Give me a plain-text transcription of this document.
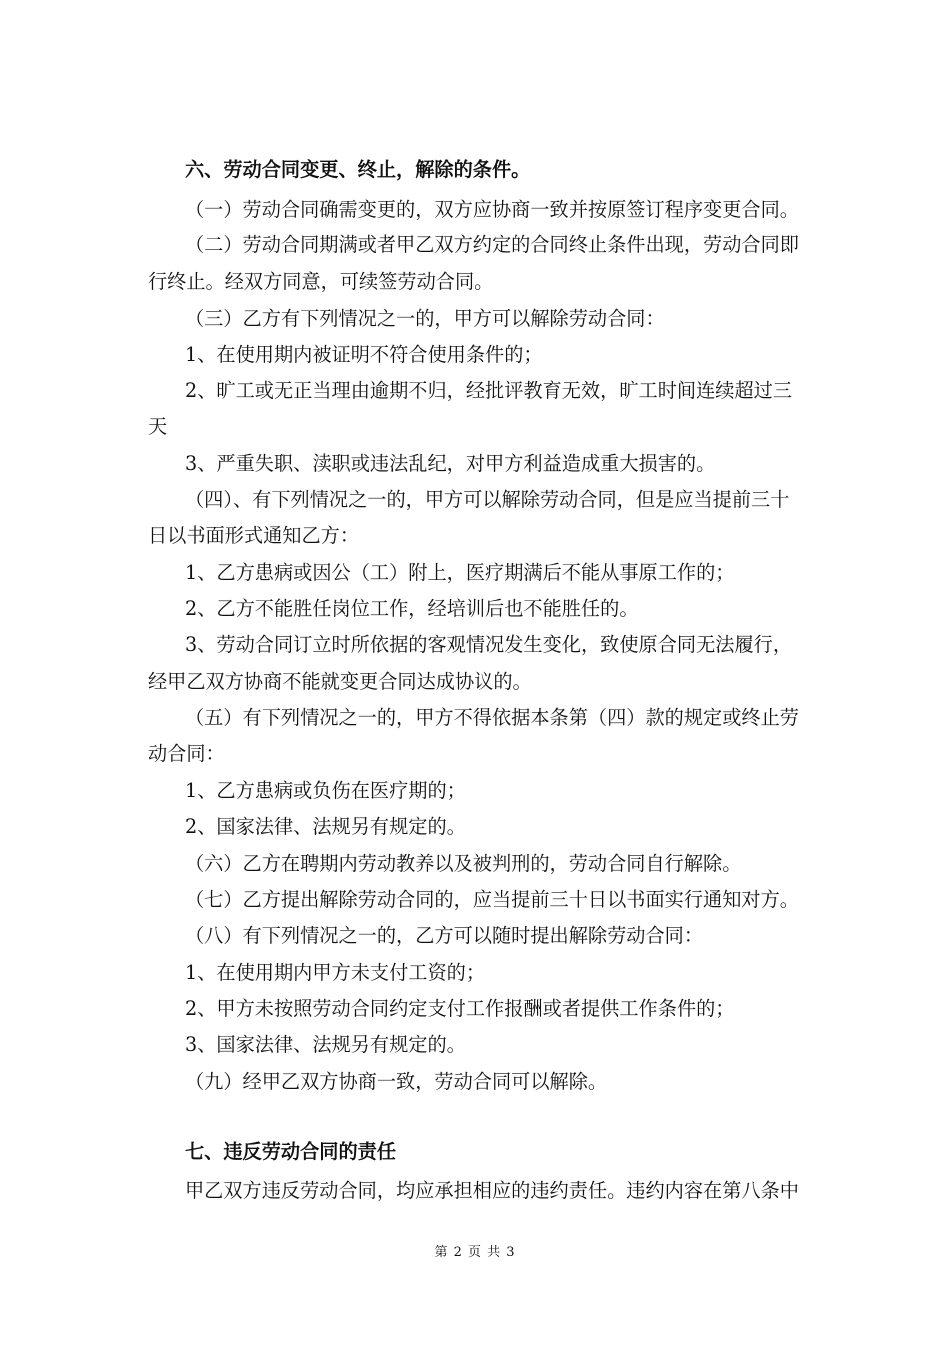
六、劳动合同变更、终止，解除的条件。

（一）劳动合同确需变更的，双方应协商一致并按原签订程序变更合同。

（二）劳动合同期满或者甲乙双方约定的合同终止条件出现，劳动合同即

行终止。经双方同意，可续签劳动合同。

（三）乙方有下列情况之一的，甲方可以解除劳动合同：

1、在使用期内被证明不符合使用条件的；

2、旷工或无正当理由逾期不归，经批评教育无效，旷工时间连续超过三

天

3、严重失职、渎职或违法乱纪，对甲方利益造成重大损害的。

（四）、有下列情况之一的，甲方可以解除劳动合同，但是应当提前三十

日以书面形式通知乙方：

1、乙方患病或因公（工）附上，医疗期满后不能从事原工作的；

2、乙方不能胜任岗位工作，经培训后也不能胜任的。

3、劳动合同订立时所依据的客观情况发生变化，致使原合同无法履行，

经甲乙双方协商不能就变更合同达成协议的。

（五）有下列情况之一的，甲方不得依据本条第（四）款的规定或终止劳

动合同：

1、乙方患病或负伤在医疗期的；

2、国家法律、法规另有规定的。

（六）乙方在聘期内劳动教养以及被判刑的，劳动合同自行解除。

（七）乙方提出解除劳动合同的，应当提前三十日以书面实行通知对方。

（八）有下列情况之一的，乙方可以随时提出解除劳动合同：

1、在使用期内甲方未支付工资的；

2、甲方未按照劳动合同约定支付工作报酬或者提供工作条件的；

3、国家法律、法规另有规定的。

（九）经甲乙双方协商一致，劳动合同可以解除。

七、违反劳动合同的责任

甲乙双方违反劳动合同，均应承担相应的违约责任。违约内容在第八条中

第 2 页 共 3
